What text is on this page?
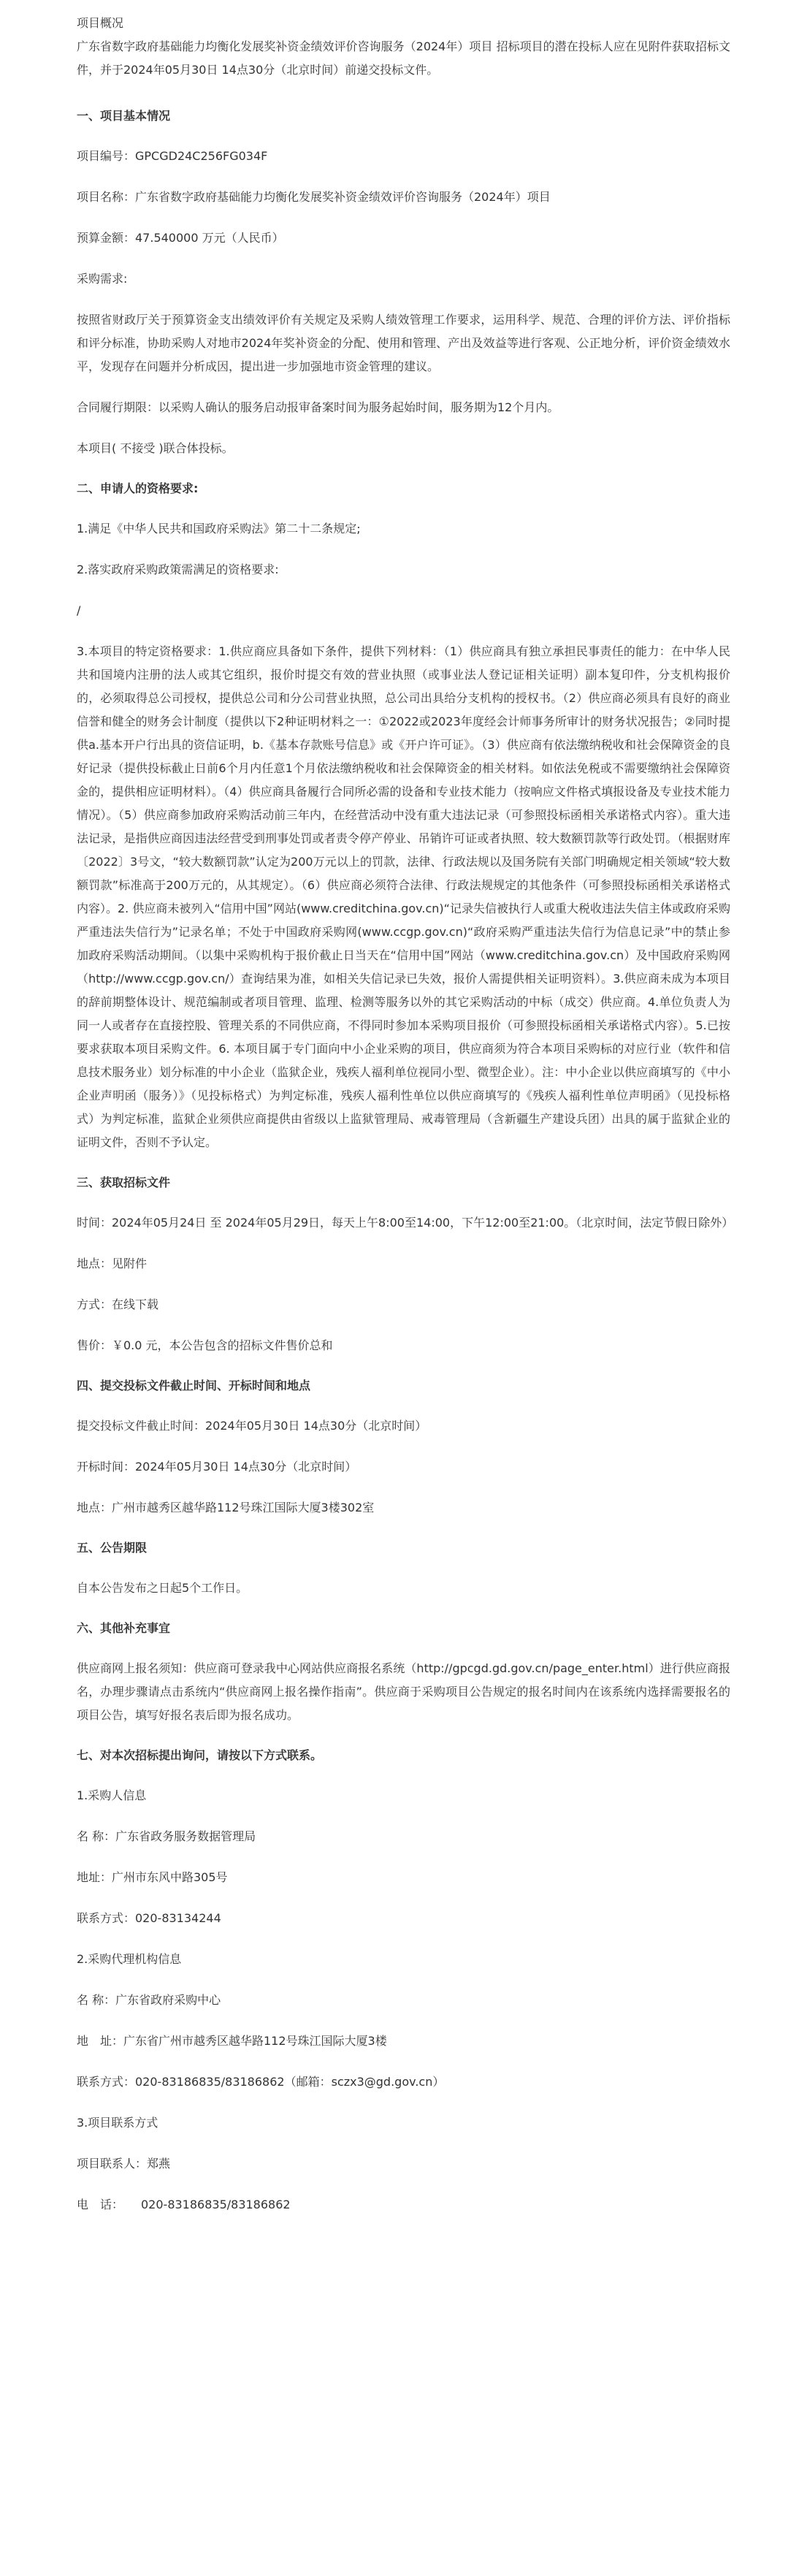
项目概况

广东省数字政府基础能力均衡化发展奖补资金绩效评价咨询服务（2024年）项目 招标项目的潜在投标人应在见附件获取招标文件，并于2024年05月30日 14点30分（北京时间）前递交投标文件。

一、项目基本情况

项目编号：GPCGD24C256FG034F

项目名称：广东省数字政府基础能力均衡化发展奖补资金绩效评价咨询服务（2024年）项目

预算金额：47.540000 万元（人民币）

采购需求:

按照省财政厅关于预算资金支出绩效评价有关规定及采购人绩效管理工作要求，运用科学、规范、合理的评价方法、评价指标和评分标准，协助采购人对地市2024年奖补资金的分配、使用和管理、产出及效益等进行客观、公正地分析，评价资金绩效水平，发现存在问题并分析成因，提出进一步加强地市资金管理的建议。

合同履行期限：以采购人确认的服务启动报审备案时间为服务起始时间，服务期为12个月内。

本项目( 不接受 )联合体投标。

二、申请人的资格要求:

1.满足《中华人民共和国政府采购法》第二十二条规定;

2.落实政府采购政策需满足的资格要求:

/

3.本项目的特定资格要求：1.供应商应具备如下条件，提供下列材料：（1）供应商具有独立承担民事责任的能力：在中华人民共和国境内注册的法人或其它组织，报价时提交有效的营业执照（或事业法人登记证相关证明）副本复印件，分支机构报价的，必须取得总公司授权，提供总公司和分公司营业执照，总公司出具给分支机构的授权书。（2）供应商必须具有良好的商业信誉和健全的财务会计制度（提供以下2种证明材料之一：①2022或2023年度经会计师事务所审计的财务状况报告；②同时提供a.基本开户行出具的资信证明，b.《基本存款账号信息》或《开户许可证》。（3）供应商有依法缴纳税收和社会保障资金的良好记录（提供投标截止日前6个月内任意1个月依法缴纳税收和社会保障资金的相关材料。如依法免税或不需要缴纳社会保障资金的，提供相应证明材料）。（4）供应商具备履行合同所必需的设备和专业技术能力（按响应文件格式填报设备及专业技术能力情况）。（5）供应商参加政府采购活动前三年内，在经营活动中没有重大违法记录（可参照投标函相关承诺格式内容）。重大违法记录，是指供应商因违法经营受到刑事处罚或者责令停产停业、吊销许可证或者执照、较大数额罚款等行政处罚。（根据财库〔2022〕3号文，“较大数额罚款”认定为200万元以上的罚款，法律、行政法规以及国务院有关部门明确规定相关领域“较大数额罚款”标准高于200万元的，从其规定）。（6）供应商必须符合法律、行政法规规定的其他条件（可参照投标函相关承诺格式内容）。2. 供应商未被列入“信用中国”网站(www.creditchina.gov.cn)“记录失信被执行人或重大税收违法失信主体或政府采购严重违法失信行为”记录名单；不处于中国政府采购网(www.ccgp.gov.cn)“政府采购严重违法失信行为信息记录”中的禁止参加政府采购活动期间。（以集中采购机构于报价截止日当天在“信用中国”网站（www.creditchina.gov.cn）及中国政府采购网（http://www.ccgp.gov.cn/）查询结果为准，如相关失信记录已失效，报价人需提供相关证明资料）。3.供应商未成为本项目的辞前期整体设计、规范编制或者项目管理、监理、检测等服务以外的其它采购活动的中标（成交）供应商。4.单位负责人为同一人或者存在直接控股、管理关系的不同供应商，不得同时参加本采购项目报价（可参照投标函相关承诺格式内容）。5.已按要求获取本项目采购文件。6. 本项目属于专门面向中小企业采购的项目，供应商须为符合本项目采购标的对应行业（软件和信息技术服务业）划分标准的中小企业（监狱企业，残疾人福利单位视同小型、微型企业）。注：中小企业以供应商填写的《中小企业声明函（服务）》（见投标格式）为判定标准，残疾人福利性单位以供应商填写的《残疾人福利性单位声明函》（见投标格式）为判定标准，监狱企业须供应商提供由省级以上监狱管理局、戒毒管理局（含新疆生产建设兵团）出具的属于监狱企业的证明文件，否则不予认定。

三、获取招标文件

时间：2024年05月24日 至 2024年05月29日，每天上午8:00至14:00，下午12:00至21:00。（北京时间，法定节假日除外）

地点：见附件

方式：在线下载

售价：￥0.0 元，本公告包含的招标文件售价总和

四、提交投标文件截止时间、开标时间和地点

提交投标文件截止时间：2024年05月30日 14点30分（北京时间）

开标时间：2024年05月30日 14点30分（北京时间）

地点：广州市越秀区越华路112号珠江国际大厦3楼302室

五、公告期限

自本公告发布之日起5个工作日。

六、其他补充事宜

供应商网上报名须知：供应商可登录我中心网站供应商报名系统（http://gpcgd.gd.gov.cn/page_enter.html）进行供应商报名，办理步骤请点击系统内“供应商网上报名操作指南”。供应商于采购项目公告规定的报名时间内在该系统内选择需要报名的项目公告，填写好报名表后即为报名成功。

七、对本次招标提出询问，请按以下方式联系。

1.采购人信息

名 称：广东省政务服务数据管理局

地址：广州市东风中路305号

联系方式：020-83134244

2.采购代理机构信息

名 称：广东省政府采购中心

地　址：广东省广州市越秀区越华路112号珠江国际大厦3楼

联系方式：020-83186835/83186862（邮箱：sczx3@gd.gov.cn）

3.项目联系方式

项目联系人：郑燕

电　话：　　020-83186835/83186862
